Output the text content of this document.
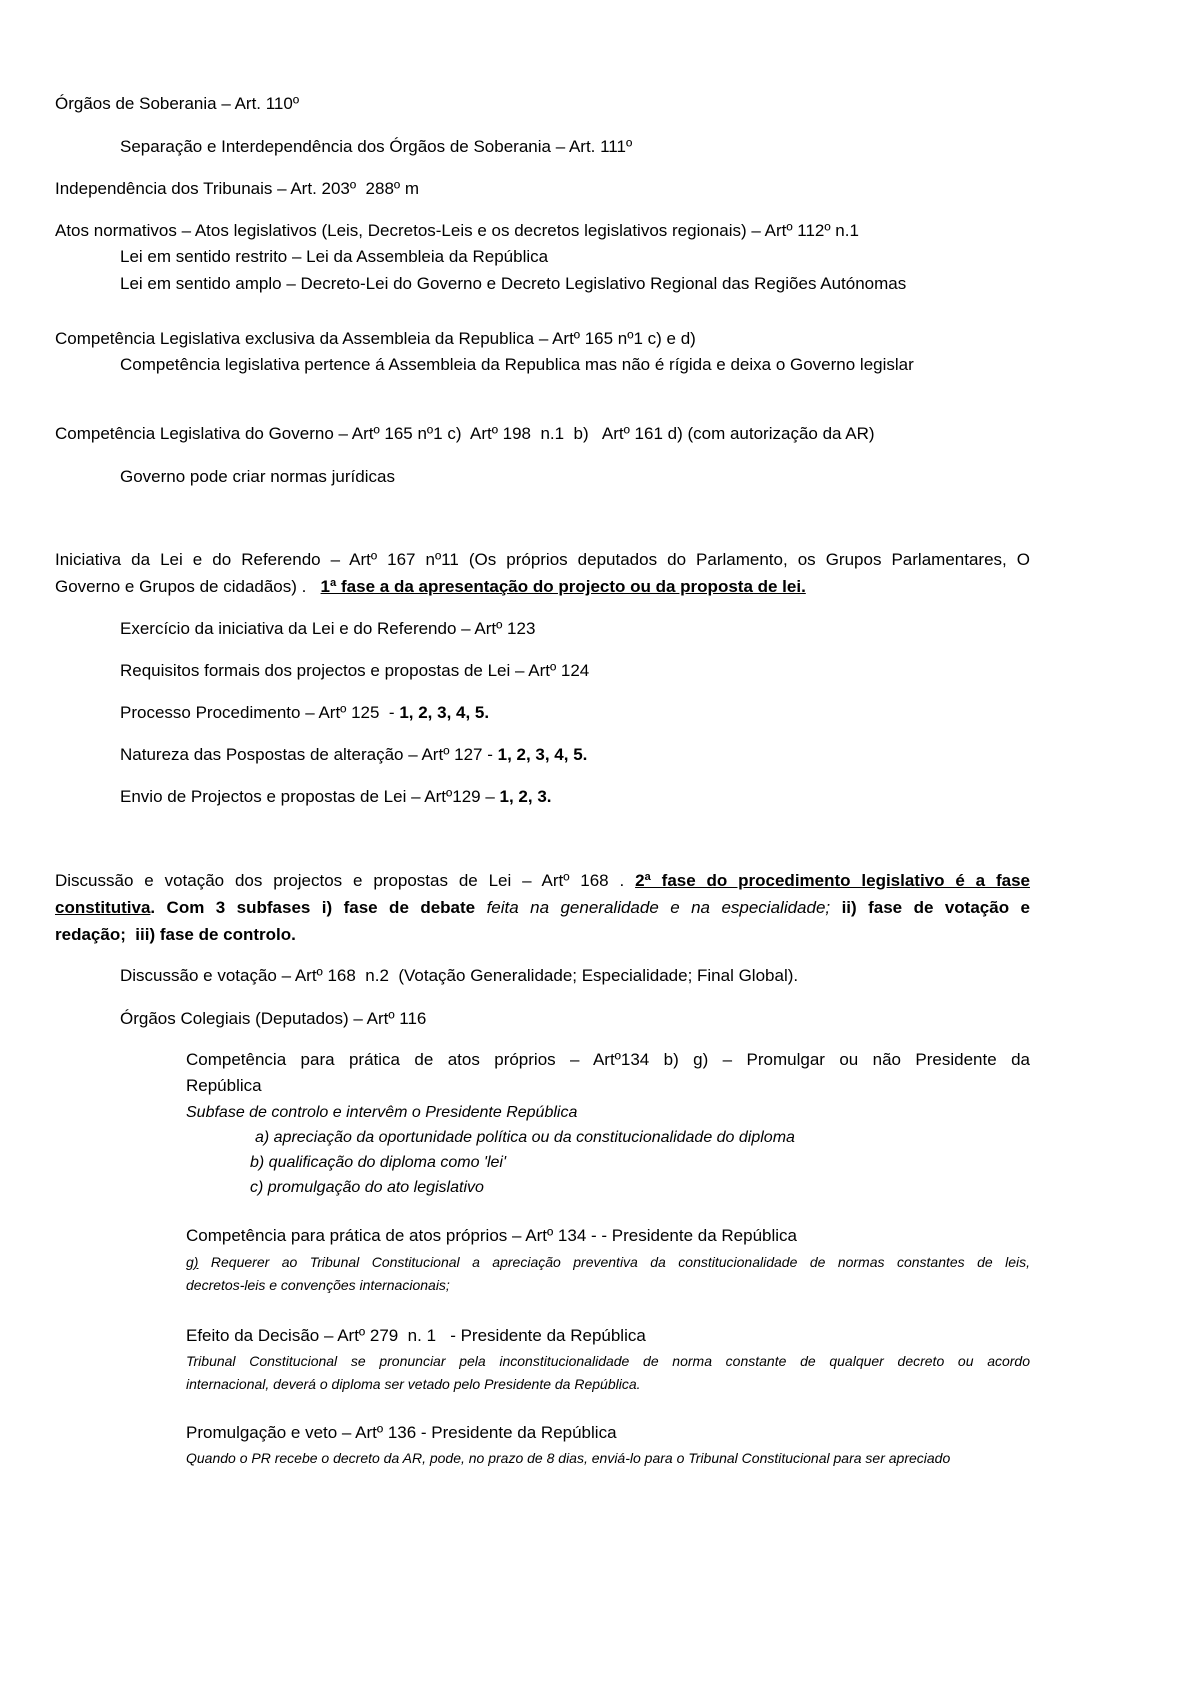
Órgãos de Soberania – Art. 110º
Separação e Interdependência dos Órgãos de Soberania – Art. 111º
Independência dos Tribunais – Art. 203º  288º m
Atos normativos – Atos legislativos (Leis, Decretos-Leis e os decretos legislativos regionais) – Artº 112º n.1
Lei em sentido restrito – Lei da Assembleia da República
Lei em sentido amplo – Decreto-Lei do Governo e Decreto Legislativo Regional das Regiões Autónomas
Competência Legislativa exclusiva da Assembleia da Republica – Artº 165 nº1 c) e d)
Competência legislativa pertence á Assembleia da Republica mas não é rígida e deixa o Governo legislar
Competência Legislativa do Governo – Artº 165 nº1 c)  Artº 198  n.1  b)   Artº 161 d) (com autorização da AR)
Governo pode criar normas jurídicas
Iniciativa da Lei e do Referendo – Artº 167 nº11 (Os próprios deputados do Parlamento, os Grupos Parlamentares, O
Governo e Grupos de cidadãos) . 1ª fase a da apresentação do projecto ou da proposta de lei.
Exercício da iniciativa da Lei e do Referendo – Artº 123
Requisitos formais dos projectos e propostas de Lei – Artº 124
Processo Procedimento – Artº 125  - 1, 2, 3, 4, 5.
Natureza das Pospostas de alteração – Artº 127 - 1, 2, 3, 4, 5.
Envio de Projectos e propostas de Lei – Artº129 – 1, 2, 3.
Discussão e votação dos projectos e propostas de Lei – Artº 168 . 2ª fase do procedimento legislativo é a fase
constitutiva. Com 3 subfases i) fase de debate feita na generalidade e na especialidade; ii) fase de votação e
redação;  iii) fase de controlo.
Discussão e votação – Artº 168  n.2  (Votação Generalidade; Especialidade; Final Global).
Órgãos Colegiais (Deputados) – Artº 116
Competência para prática de atos próprios – Artº134 b) g) – Promulgar ou não Presidente da
República
Subfase de controlo e intervêm o Presidente República
a) apreciação da oportunidade política ou da constitucionalidade do diploma
b) qualificação do diploma como 'lei'
c) promulgação do ato legislativo
Competência para prática de atos próprios – Artº 134 - - Presidente da República
g) Requerer ao Tribunal Constitucional a apreciação preventiva da constitucionalidade de normas constantes de leis,
decretos-leis e convenções internacionais;
Efeito da Decisão – Artº 279  n. 1   - Presidente da República
Tribunal Constitucional se pronunciar pela inconstitucionalidade de norma constante de qualquer decreto ou acordo
internacional, deverá o diploma ser vetado pelo Presidente da República.
Promulgação e veto – Artº 136 - Presidente da República
Quando o PR recebe o decreto da AR, pode, no prazo de 8 dias, enviá-lo para o Tribunal Constitucional para ser apreciado
